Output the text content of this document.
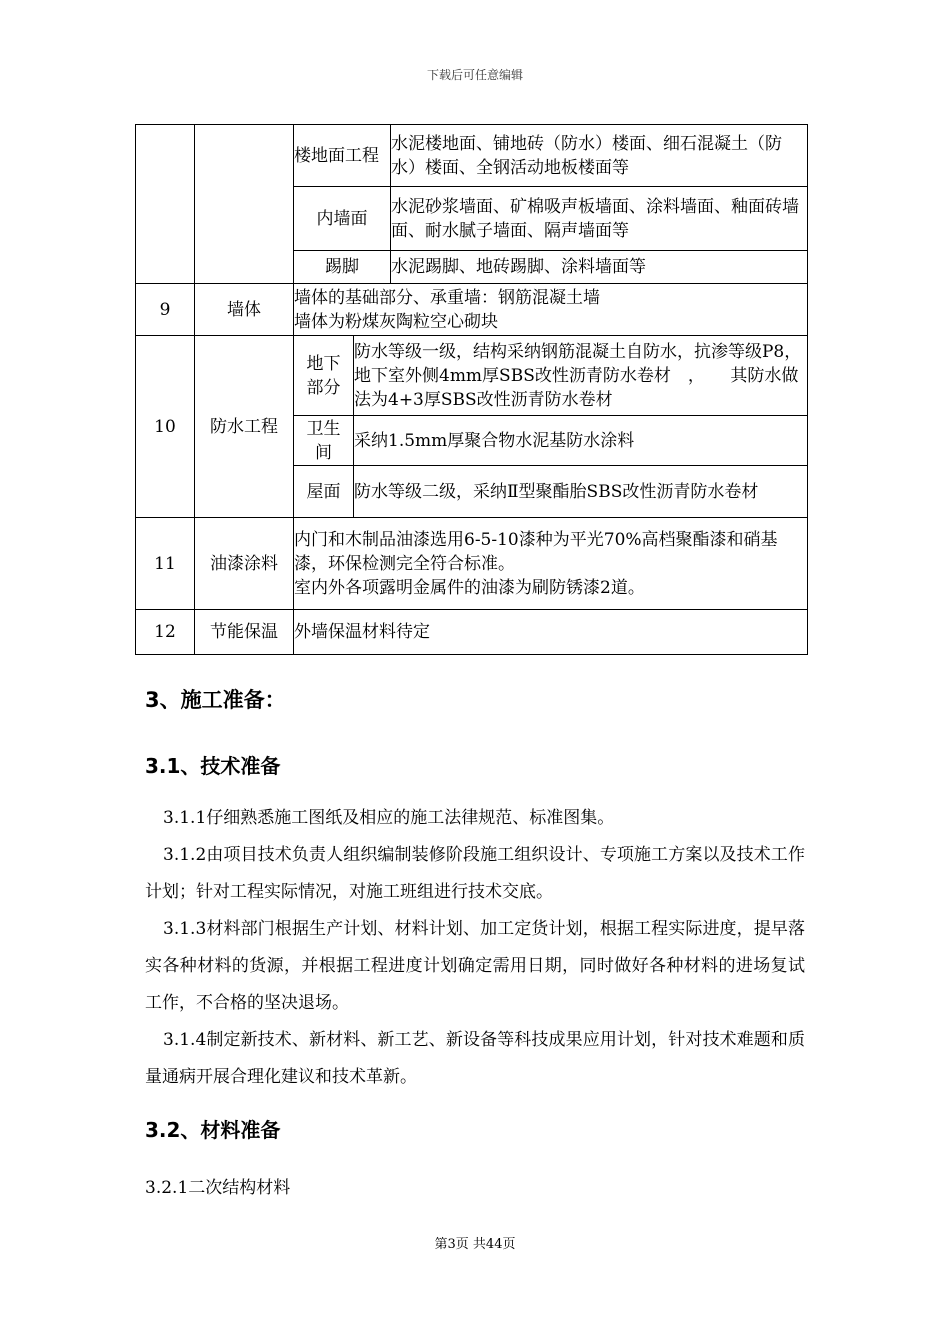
下载后可任意编辑
		楼地面工程		水泥楼地面、铺地砖（防水）楼面、细石混凝土（防水）楼面、全钢活动地板楼面等
		内墙面		水泥砂浆墙面、矿棉吸声板墙面、涂料墙面、釉面砖墙面、耐水腻子墙面、隔声墙面等
		踢脚		水泥踢脚、地砖踢脚、涂料墙面等
9	墙体	墙体的基础部分、承重墙：钢筋混凝土墙
墙体为粉煤灰陶粒空心砌块		

10	防水工程	地下部分	防水等级一级，结构采纳钢筋混凝土自防水，抗渗等级P8，地下室外侧4mm厚SBS改性沥青防水卷材　，　　其防水做法为4+3厚SBS改性沥青防水卷材	
		卫生间	采纳1.5mm厚聚合物水泥基防水涂料	
		屋面	防水等级二级，采纳Ⅱ型聚酯胎SBS改性沥青防水卷材	
11	油漆涂料	内门和木制品油漆选用6-5-10漆种为平光70%高档聚酯漆和硝基漆，环保检测完全符合标准。
室内外各项露明金属件的油漆为刷防锈漆2道。		

12	节能保温	外墙保温材料待定		
3、施工准备：
3.1、技术准备
3.1.1仔细熟悉施工图纸及相应的施工法律规范、标准图集。
3.1.2由项目技术负责人组织编制装修阶段施工组织设计、专项施工方案以及技术工作计划；针对工程实际情况，对施工班组进行技术交底。
3.1.3材料部门根据生产计划、材料计划、加工定货计划，根据工程实际进度，提早落实各种材料的货源，并根据工程进度计划确定需用日期，同时做好各种材料的进场复试工作，不合格的坚决退场。
3.1.4制定新技术、新材料、新工艺、新设备等科技成果应用计划，针对技术难题和质量通病开展合理化建议和技术革新。
3.2、材料准备
3.2.1二次结构材料
第3页 共44页
